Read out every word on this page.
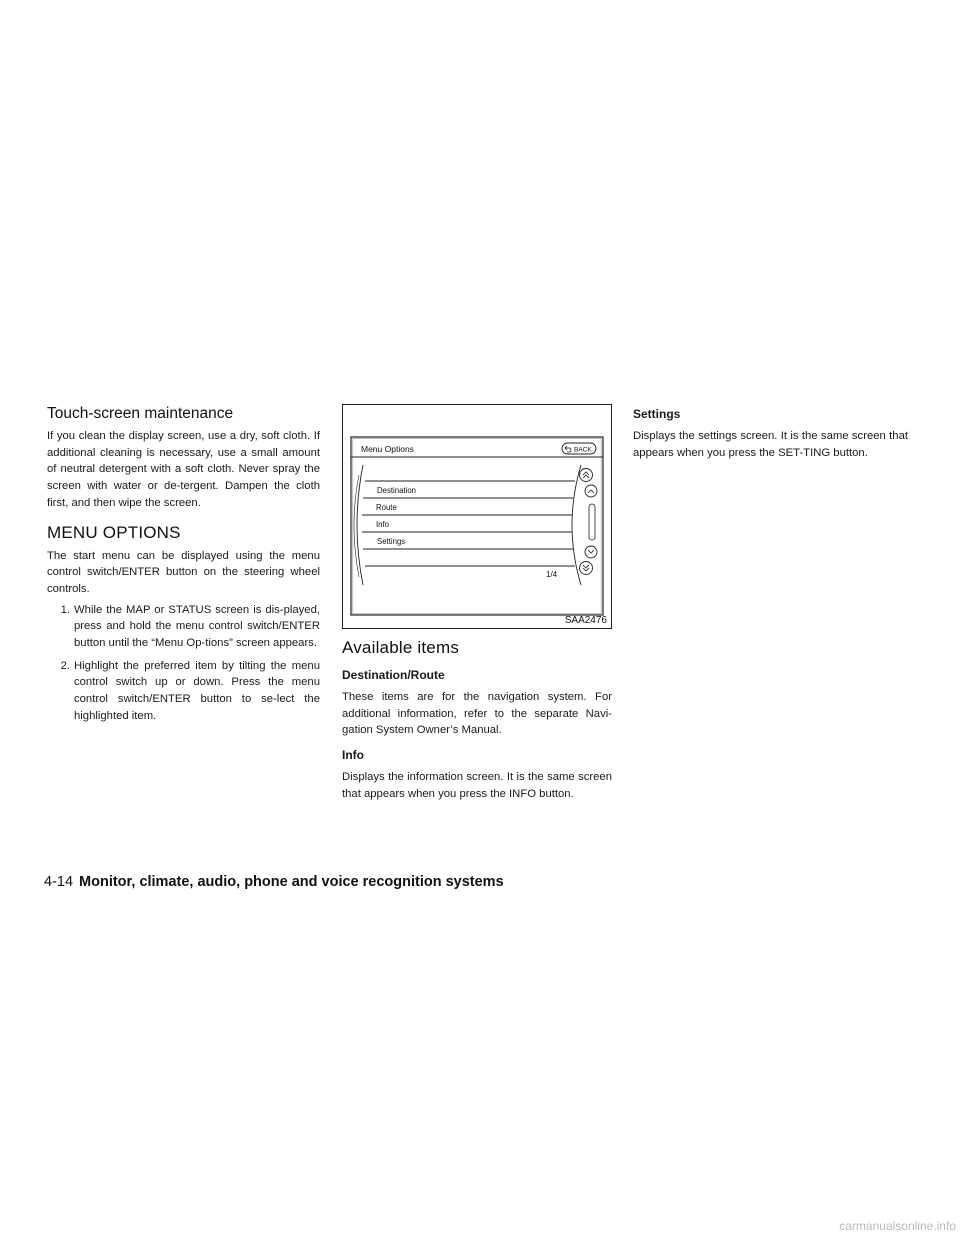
Touch-screen maintenance

If you clean the display screen, use a dry, soft cloth. If additional cleaning is necessary, use a small amount of neutral detergent with a soft cloth. Never spray the screen with water or de-tergent. Dampen the cloth first, and then wipe the screen.

MENU OPTIONS

The start menu can be displayed using the menu control switch/ENTER button on the steering wheel controls.

1. While the MAP or STATUS screen is dis-played, press and hold the menu control switch/ENTER button until the “Menu Op-tions” screen appears.
2. Highlight the preferred item by tilting the menu control switch up or down. Press the menu control switch/ENTER button to se-lect the highlighted item.
Menu Options	BACK
Destination
Route
Info
Settings
1/4
SAA2476
Available items
Destination/Route

These items are for the navigation system. For additional information, refer to the separate Navi-gation System Owner’s Manual.

Info

Displays the information screen. It is the same screen that appears when you press the INFO button.

Settings

Displays the settings screen. It is the same screen that appears when you press the SET-TING button.

4-14 Monitor, climate, audio, phone and voice recognition systems
carmanualsonline.info
